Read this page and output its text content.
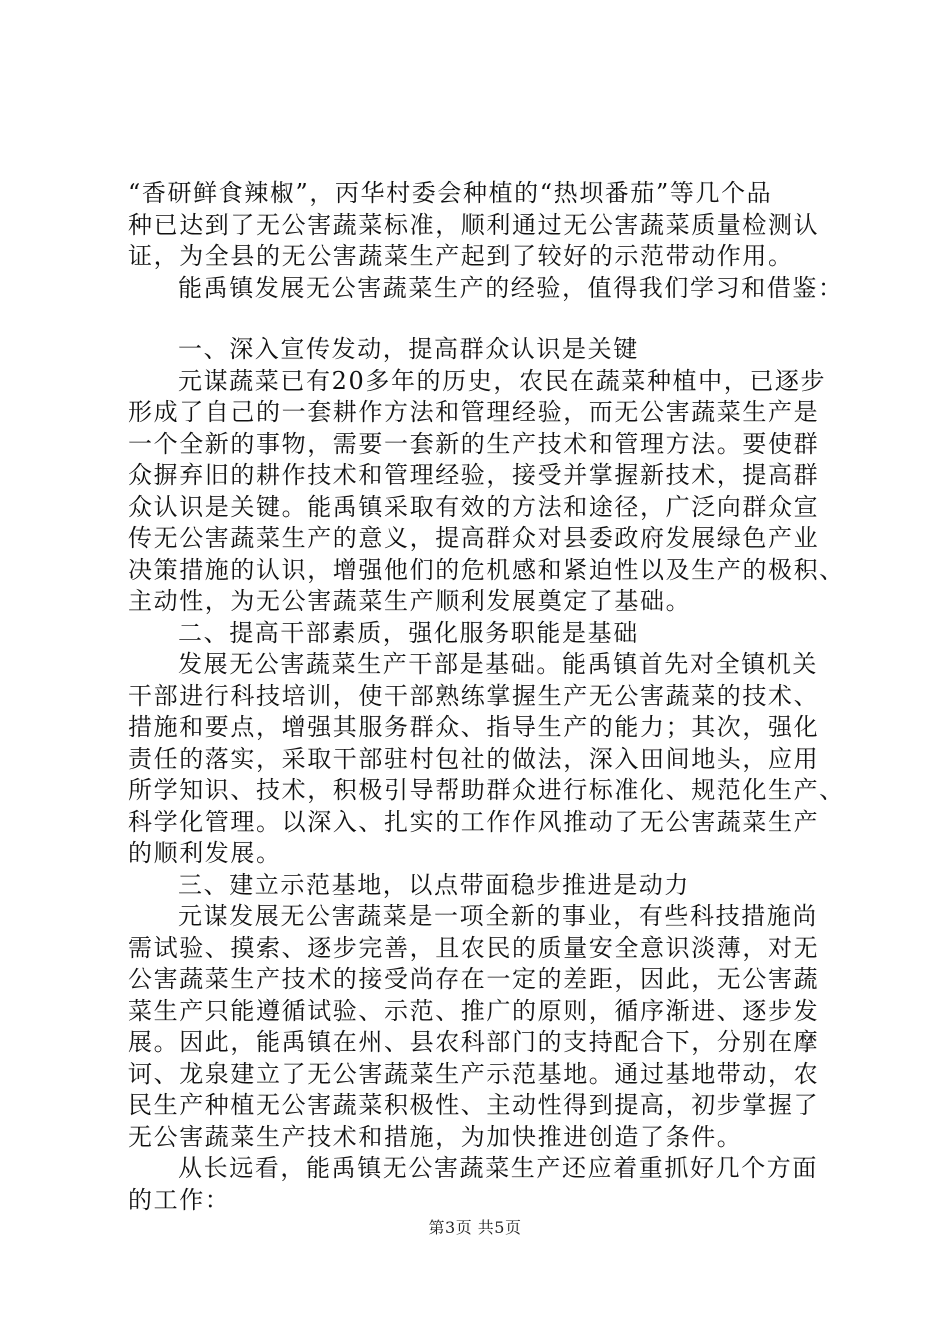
“香研鲜食辣椒”，丙华村委会种植的“热坝番茄”等几个品
种已达到了无公害蔬菜标准，顺利通过无公害蔬菜质量检测认
证，为全县的无公害蔬菜生产起到了较好的示范带动作用。
能禹镇发展无公害蔬菜生产的经验，值得我们学习和借鉴：
一、深入宣传发动，提高群众认识是关键
元谋蔬菜已有20多年的历史，农民在蔬菜种植中，已逐步
形成了自己的一套耕作方法和管理经验，而无公害蔬菜生产是
一个全新的事物，需要一套新的生产技术和管理方法。要使群
众摒弃旧的耕作技术和管理经验，接受并掌握新技术，提高群
众认识是关键。能禹镇采取有效的方法和途径，广泛向群众宣
传无公害蔬菜生产的意义，提高群众对县委政府发展绿色产业
决策措施的认识，增强他们的危机感和紧迫性以及生产的极积、
主动性，为无公害蔬菜生产顺利发展奠定了基础。
二、提高干部素质，强化服务职能是基础
发展无公害蔬菜生产干部是基础。能禹镇首先对全镇机关
干部进行科技培训，使干部熟练掌握生产无公害蔬菜的技术、
措施和要点，增强其服务群众、指导生产的能力；其次，强化
责任的落实，采取干部驻村包社的做法，深入田间地头，应用
所学知识、技术，积极引导帮助群众进行标准化、规范化生产、
科学化管理。以深入、扎实的工作作风推动了无公害蔬菜生产
的顺利发展。
三、建立示范基地，以点带面稳步推进是动力
元谋发展无公害蔬菜是一项全新的事业，有些科技措施尚
需试验、摸索、逐步完善，且农民的质量安全意识淡薄，对无
公害蔬菜生产技术的接受尚存在一定的差距，因此，无公害蔬
菜生产只能遵循试验、示范、推广的原则，循序渐进、逐步发
展。因此，能禹镇在州、县农科部门的支持配合下，分别在摩
诃、龙泉建立了无公害蔬菜生产示范基地。通过基地带动，农
民生产种植无公害蔬菜积极性、主动性得到提高，初步掌握了
无公害蔬菜生产技术和措施，为加快推进创造了条件。
从长远看，能禹镇无公害蔬菜生产还应着重抓好几个方面
的工作：
第3页 共5页
